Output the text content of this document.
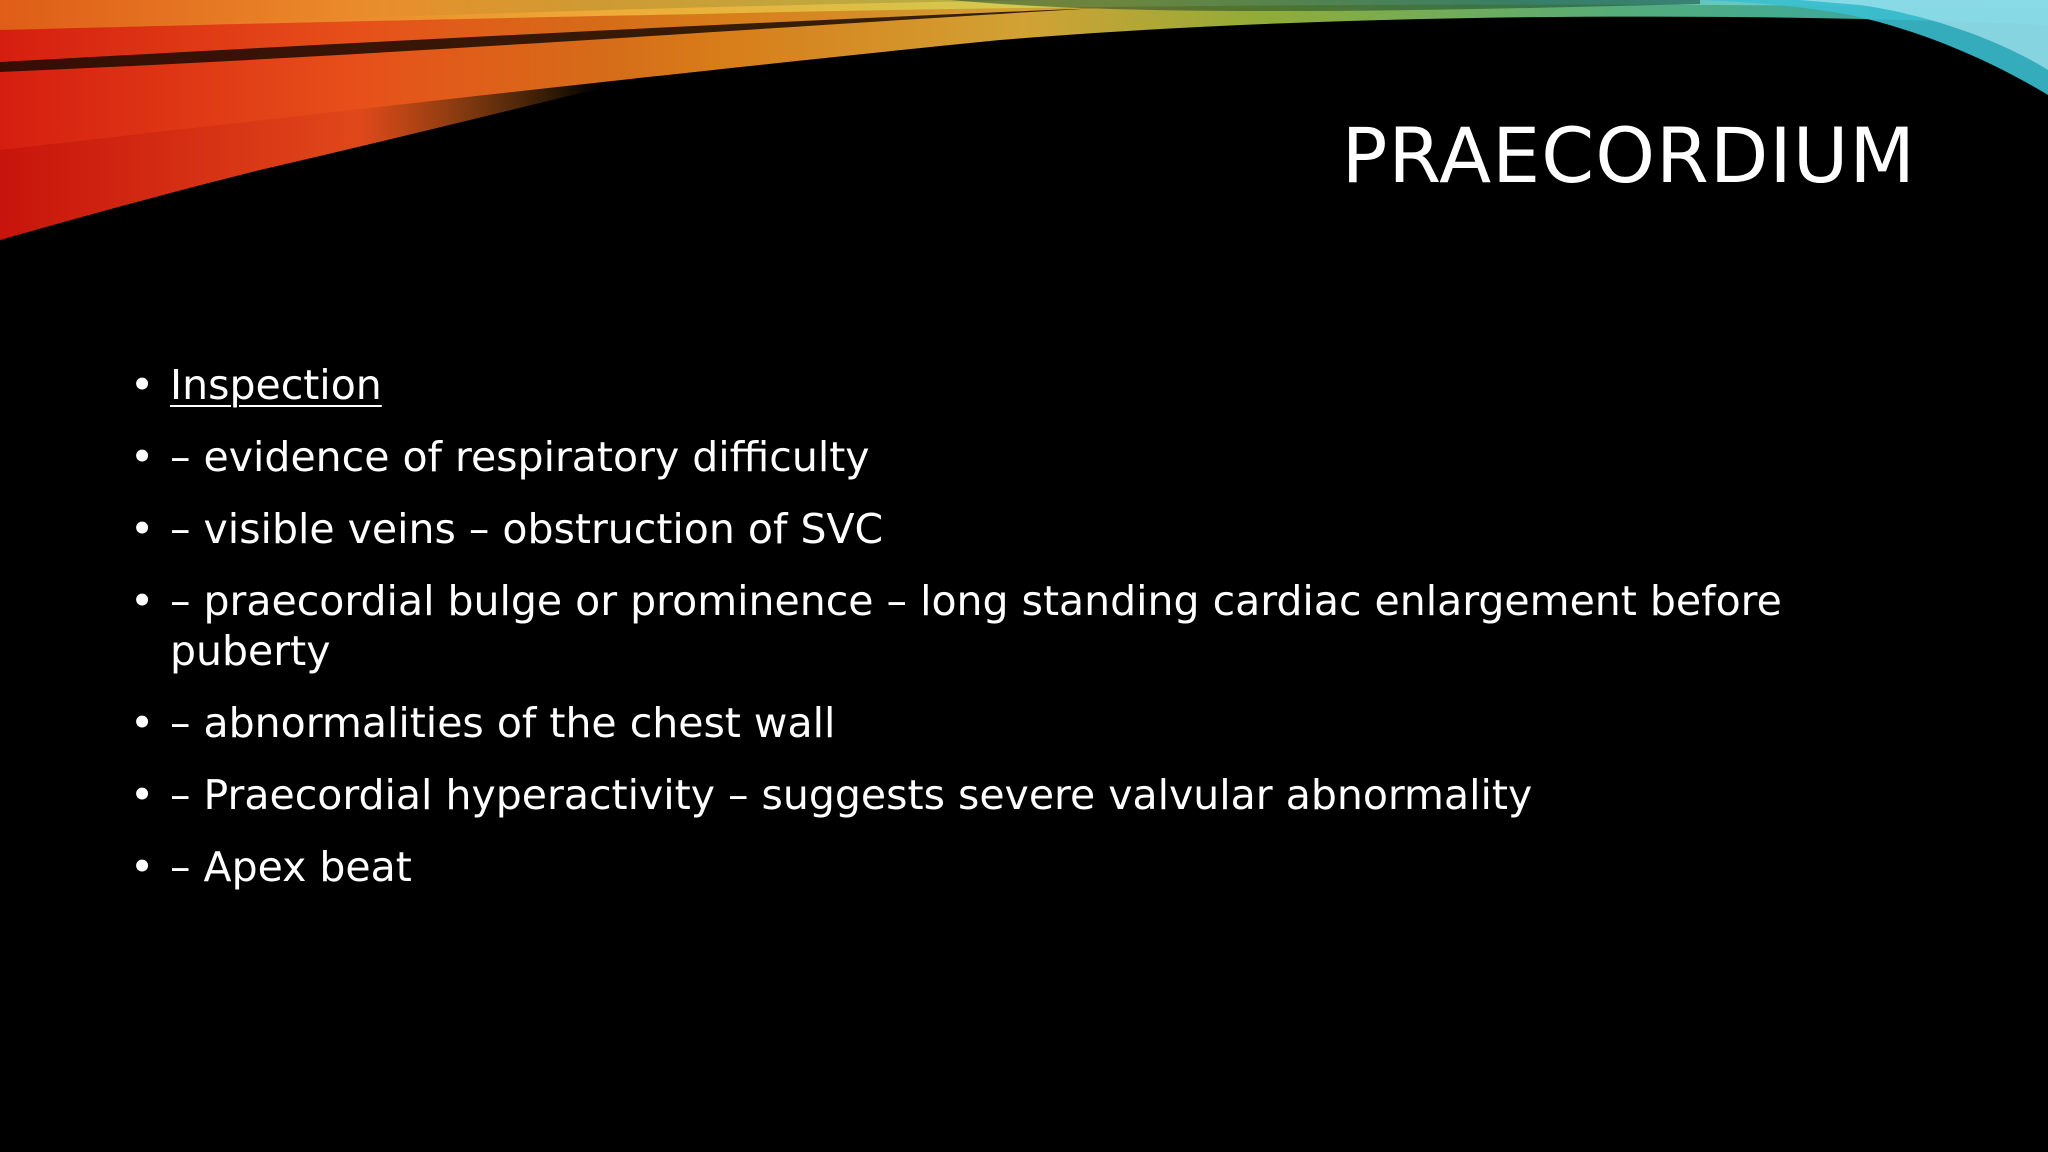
PRAECORDIUM
• Inspection
• – evidence of respiratory difficulty
• – visible veins – obstruction of SVC
• – praecordial bulge or prominence – long standing cardiac enlargement before puberty
• – abnormalities of the chest wall
• – Praecordial hyperactivity – suggests severe valvular abnormality
• – Apex beat
